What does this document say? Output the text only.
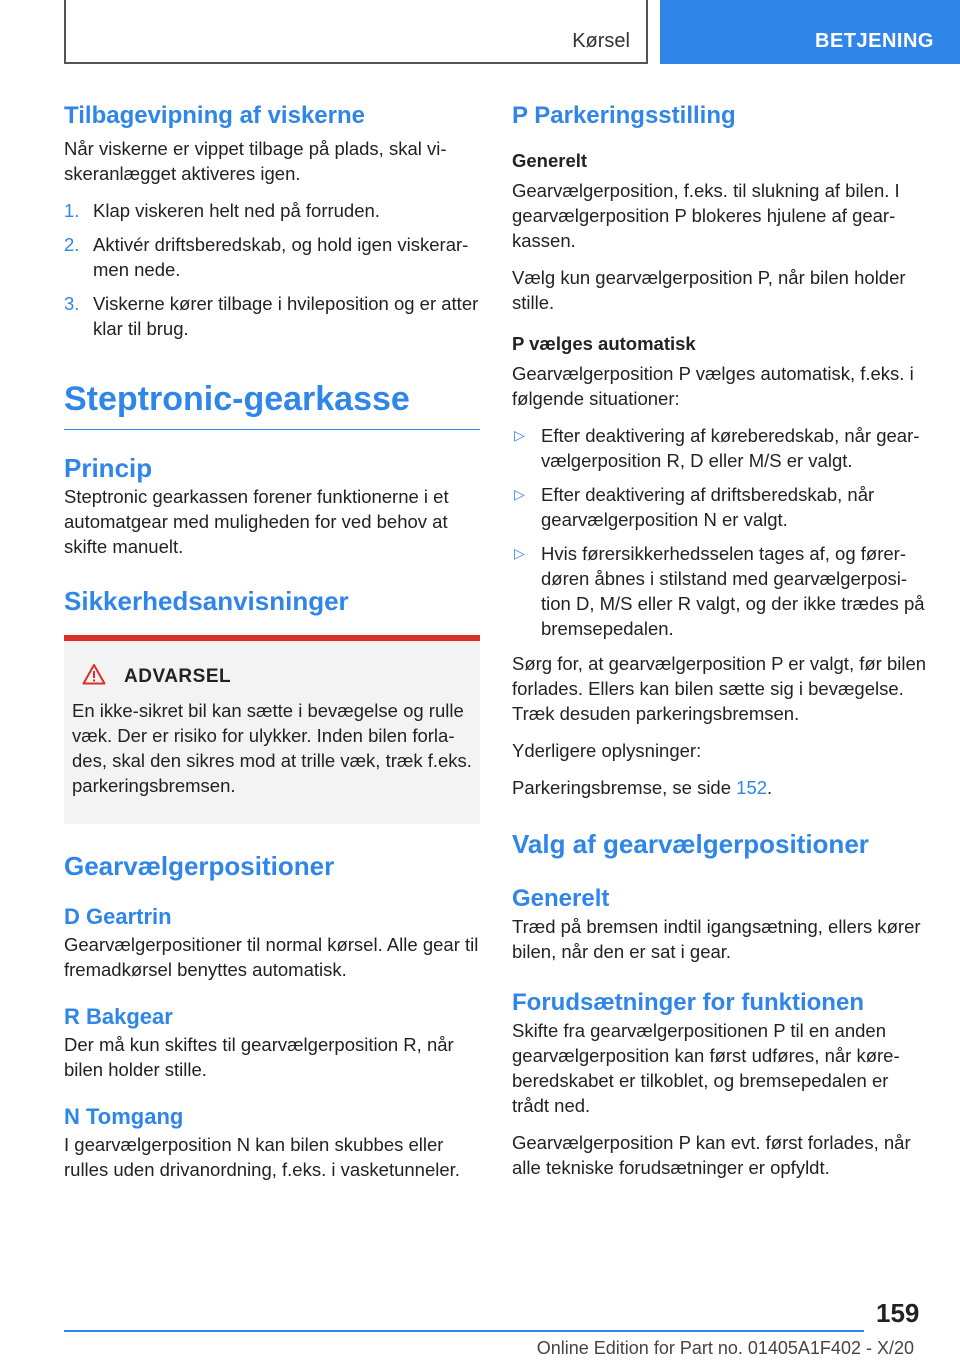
Kørsel	BETJENING
Tilbagevipning af viskerne

Når viskerne er vippet tilbage på plads, skal viskeranlægget aktiveres igen.

1. Klap viskeren helt ned på forruden.
2. Aktivér driftsberedskab, og hold igen viskerarmen nede.
3. Viskerne kører tilbage i hvileposition og er atter klar til brug.
Steptronic-gearkasse
Princip

Steptronic gearkassen forener funktionerne i et automatgear med muligheden for ved behov at skifte manuelt.

Sikkerhedsanvisninger
ADVARSEL

En ikke-sikret bil kan sætte i bevægelse og rulle væk. Der er risiko for ulykker. Inden bilen forlades, skal den sikres mod at trille væk, træk f.eks. parkeringsbremsen.

Gearvælgerpositioner
D Geartrin

Gearvælgerpositioner til normal kørsel. Alle gear til fremadkørsel benyttes automatisk.

R Bakgear

Der må kun skiftes til gearvælgerposition R, når bilen holder stille.

N Tomgang

I gearvælgerposition N kan bilen skubbes eller rulles uden drivanordning, f.eks. i vasketunneler.

P Parkeringsstilling
Generelt

Gearvælgerposition, f.eks. til slukning af bilen. I gearvælgerposition P blokeres hjulene af gearkassen.

Vælg kun gearvælgerposition P, når bilen holder stille.

P vælges automatisk

Gearvælgerposition P vælges automatisk, f.eks. i følgende situationer:

▷ Efter deaktivering af køreberedskab, når gearvælgerposition R, D eller M/S er valgt.
▷ Efter deaktivering af driftsberedskab, når gearvælgerposition N er valgt.
▷ Hvis førersikkerhedsselen tages af, og førerdøren åbnes i stilstand med gearvælgerposition D, M/S eller R valgt, og der ikke trædes på bremsepedalen.

Sørg for, at gearvælgerposition P er valgt, før bilen forlades. Ellers kan bilen sætte sig i bevægelse. Træk desuden parkeringsbremsen.

Yderligere oplysninger:

Parkeringsbremse, se side 152.

Valg af gearvælgerpositioner
Generelt

Træd på bremsen indtil igangsætning, ellers kører bilen, når den er sat i gear.

Forudsætninger for funktionen

Skifte fra gearvælgerpositionen P til en anden gearvælgerposition kan først udføres, når køreberedskabet er tilkoblet, og bremsepedalen er trådt ned.

Gearvælgerposition P kan evt. først forlades, når alle tekniske forudsætninger er opfyldt.

159
Online Edition for Part no. 01405A1F402 - X/20
